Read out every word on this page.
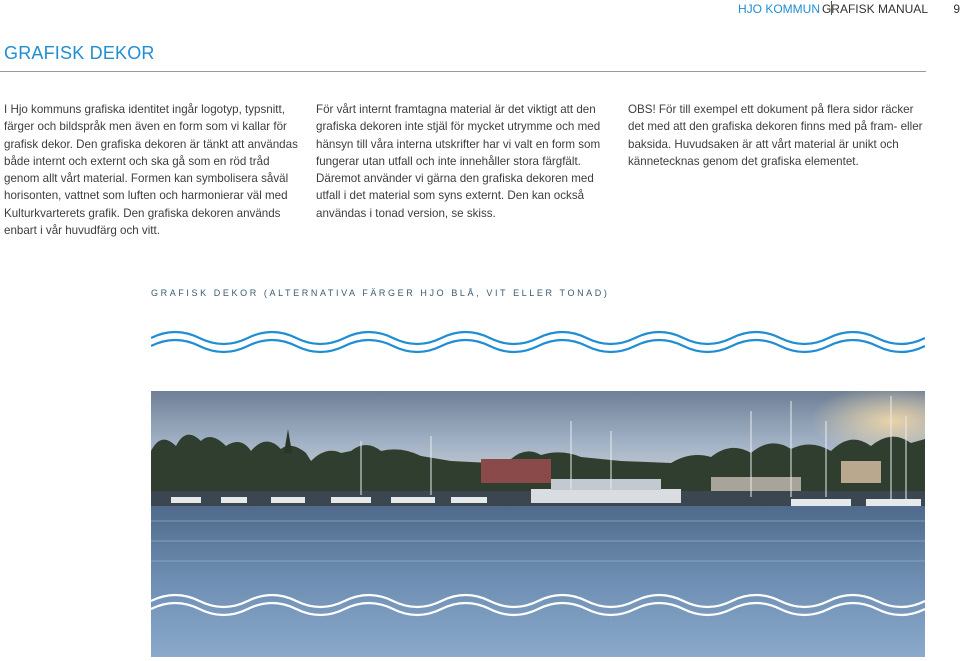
HJO KOMMUN GRAFISK MANUAL 9
GRAFISK DEKOR
I Hjo kommuns grafiska identitet ingår logotyp, typsnitt, färger och bildspråk men även en form som vi kallar för grafisk dekor. Den grafiska dekoren är tänkt att användas både internt och externt och ska gå som en röd tråd genom allt vårt material. Formen kan symbolisera såväl horisonten, vattnet som luften och harmonierar väl med Kulturkvarterets grafik. Den grafiska dekoren används enbart i vår huvudfärg och vitt.
För vårt internt framtagna material är det viktigt att den grafiska dekoren inte stjäl för mycket utrymme och med hänsyn till våra interna utskrifter har vi valt en form som fungerar utan utfall och inte innehåller stora färgfält. Däremot använder vi gärna den grafiska dekoren med utfall i det material som syns externt. Den kan också användas i tonad version, se skiss.
OBS! För till exempel ett dokument på flera sidor räcker det med att den grafiska dekoren finns med på fram- eller baksida. Huvudsaken är att vårt material är unikt och kännetecknas genom det grafiska elementet.
GRAFISK DEKOR (ALTERNATIVA FÄRGER HJO BLÅ, VIT ELLER TONAD)
